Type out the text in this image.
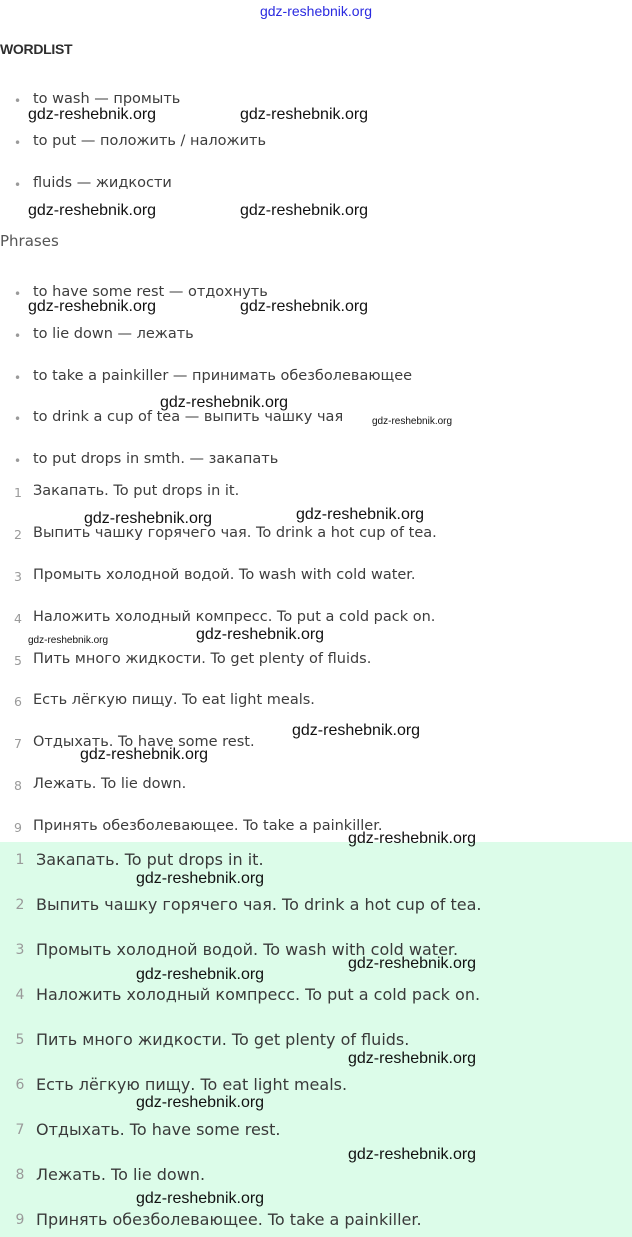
gdz-reshebnik.org
WORDLIST
• to wash — промыть
• to put — положить / наложить
• fluids — жидкости
Phrases
• to have some rest — отдохнуть
• to lie down — лежать
• to take a painkiller — принимать обезболевающее
• to drink a cup of tea — выпить чашку чая
• to put drops in smth. — закапать
1 Закапать. To put drops in it.
2 Выпить чашку горячего чая. To drink a hot cup of tea.
3 Промыть холодной водой. To wash with cold water.
4 Наложить холодный компресс. To put a cold pack on.
5 Пить много жидкости. To get plenty of fluids.
6 Есть лёгкую пищу. To eat light meals.
7 Отдыхать. To have some rest.
8 Лежать. To lie down.
9 Принять обезболевающее. To take a painkiller.
1 Закапать. To put drops in it.
2 Выпить чашку горячего чая. To drink a hot cup of tea.
3 Промыть холодной водой. To wash with cold water.
4 Наложить холодный компресс. To put a cold pack on.
5 Пить много жидкости. To get plenty of fluids.
6 Есть лёгкую пищу. To eat light meals.
7 Отдыхать. To have some rest.
8 Лежать. To lie down.
9 Принять обезболевающее. To take a painkiller.
gdz-reshebnik.org	gdz-reshebnik.org
gdz-reshebnik.org	gdz-reshebnik.org
gdz-reshebnik.org	gdz-reshebnik.org
gdz-reshebnik.org
gdz-reshebnik.org
gdz-reshebnik.org	gdz-reshebnik.org
gdz-reshebnik.org	gdz-reshebnik.org
gdz-reshebnik.org
gdz-reshebnik.org
gdz-reshebnik.org
gdz-reshebnik.org
gdz-reshebnik.org
gdz-reshebnik.org
gdz-reshebnik.org
gdz-reshebnik.org
gdz-reshebnik.org
gdz-reshebnik.org
